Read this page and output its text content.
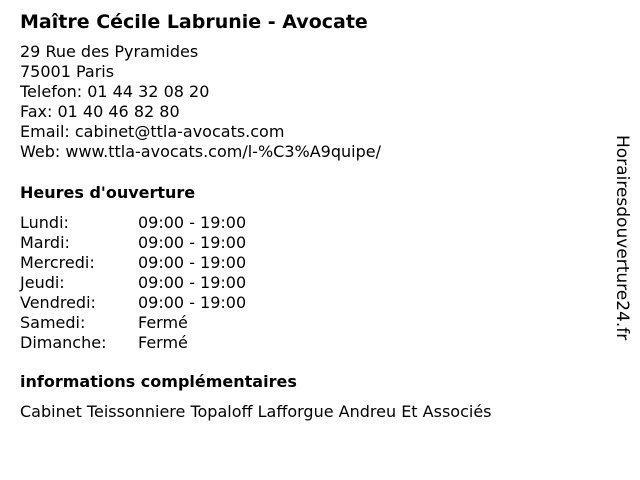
Maître Cécile Labrunie - Avocate
29 Rue des Pyramides
75001 Paris
Telefon: 01 44 32 08 20
Fax: 01 40 46 82 80
Email: cabinet@ttla-avocats.com
Web: www.ttla-avocats.com/l-%C3%A9quipe/
Heures d'ouverture
Lundi:	09:00 - 19:00
Mardi:	09:00 - 19:00
Mercredi:	09:00 - 19:00
Jeudi:	09:00 - 19:00
Vendredi:	09:00 - 19:00
Samedi:	Fermé
Dimanche:	Fermé
informations complémentaires
Cabinet Teissonniere Topaloff Lafforgue Andreu Et Associés
Horairesdouverture24.fr
